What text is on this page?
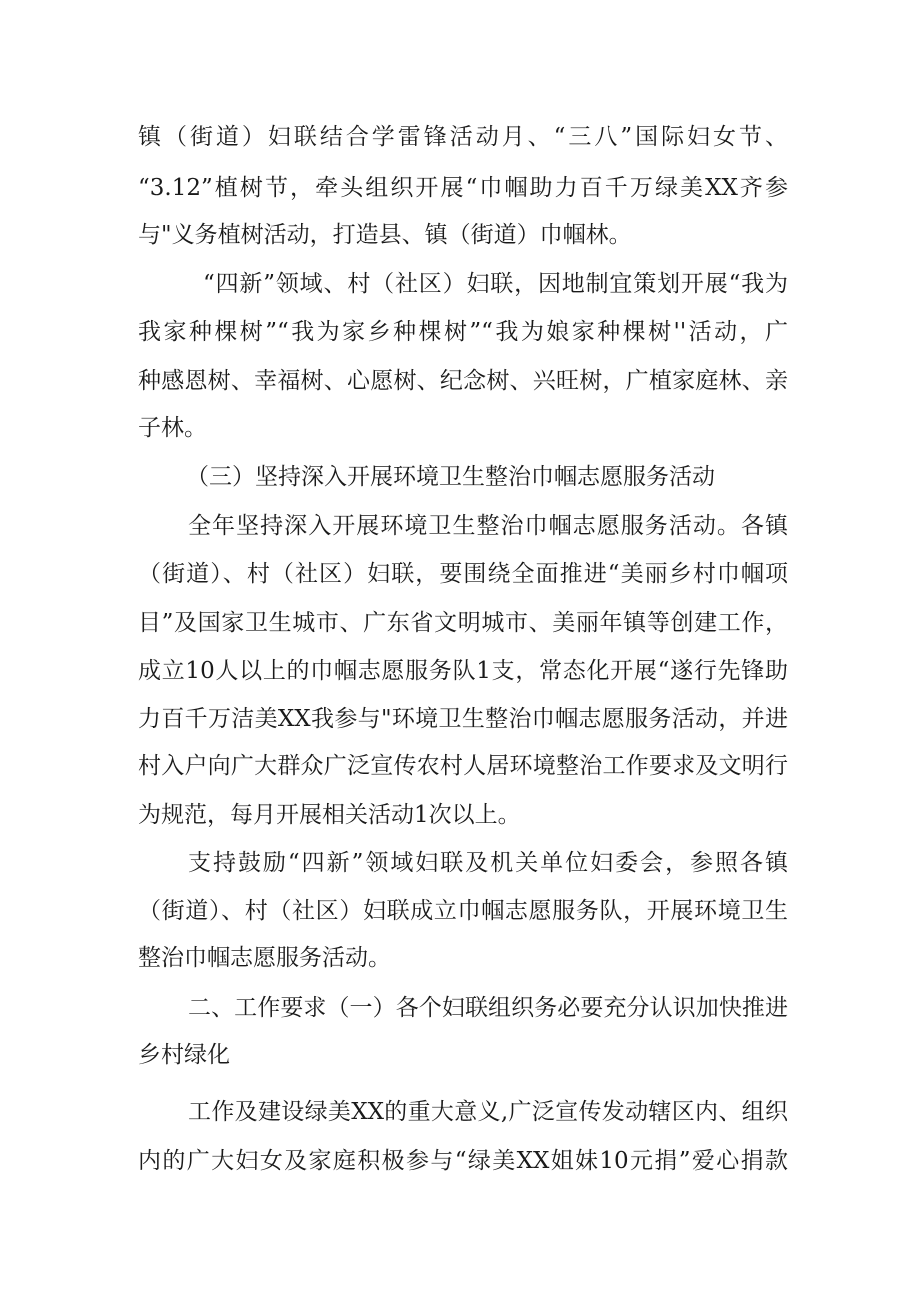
镇（街道）妇联结合学雷锋活动月、“三八”国际妇女节、
“3.12”植树节，牵头组织开展“巾帼助力百千万绿美XX齐参
与"义务植树活动，打造县、镇（街道）巾帼林。
“四新”领域、村（社区）妇联，因地制宜策划开展“我为
我家种棵树”“我为家乡种棵树”“我为娘家种棵树''活动，广
种感恩树、幸福树、心愿树、纪念树、兴旺树，广植家庭林、亲
子林。
（三）坚持深入开展环境卫生整治巾帼志愿服务活动
全年坚持深入开展环境卫生整治巾帼志愿服务活动。各镇
（街道）、村（社区）妇联，要围绕全面推进“美丽乡村巾帼项
目”及国家卫生城市、广东省文明城市、美丽年镇等创建工作，
成立10人以上的巾帼志愿服务队1支，常态化开展“遂行先锋助
力百千万洁美XX我参与"环境卫生整治巾帼志愿服务活动，并进
村入户向广大群众广泛宣传农村人居环境整治工作要求及文明行
为规范，每月开展相关活动1次以上。
支持鼓励“四新”领域妇联及机关单位妇委会，参照各镇
（街道）、村（社区）妇联成立巾帼志愿服务队，开展环境卫生
整治巾帼志愿服务活动。
二、工作要求（一）各个妇联组织务必要充分认识加快推进
乡村绿化
工作及建设绿美XX的重大意义,广泛宣传发动辖区内、组织
内的广大妇女及家庭积极参与“绿美XX姐妹10元捐”爱心捐款
